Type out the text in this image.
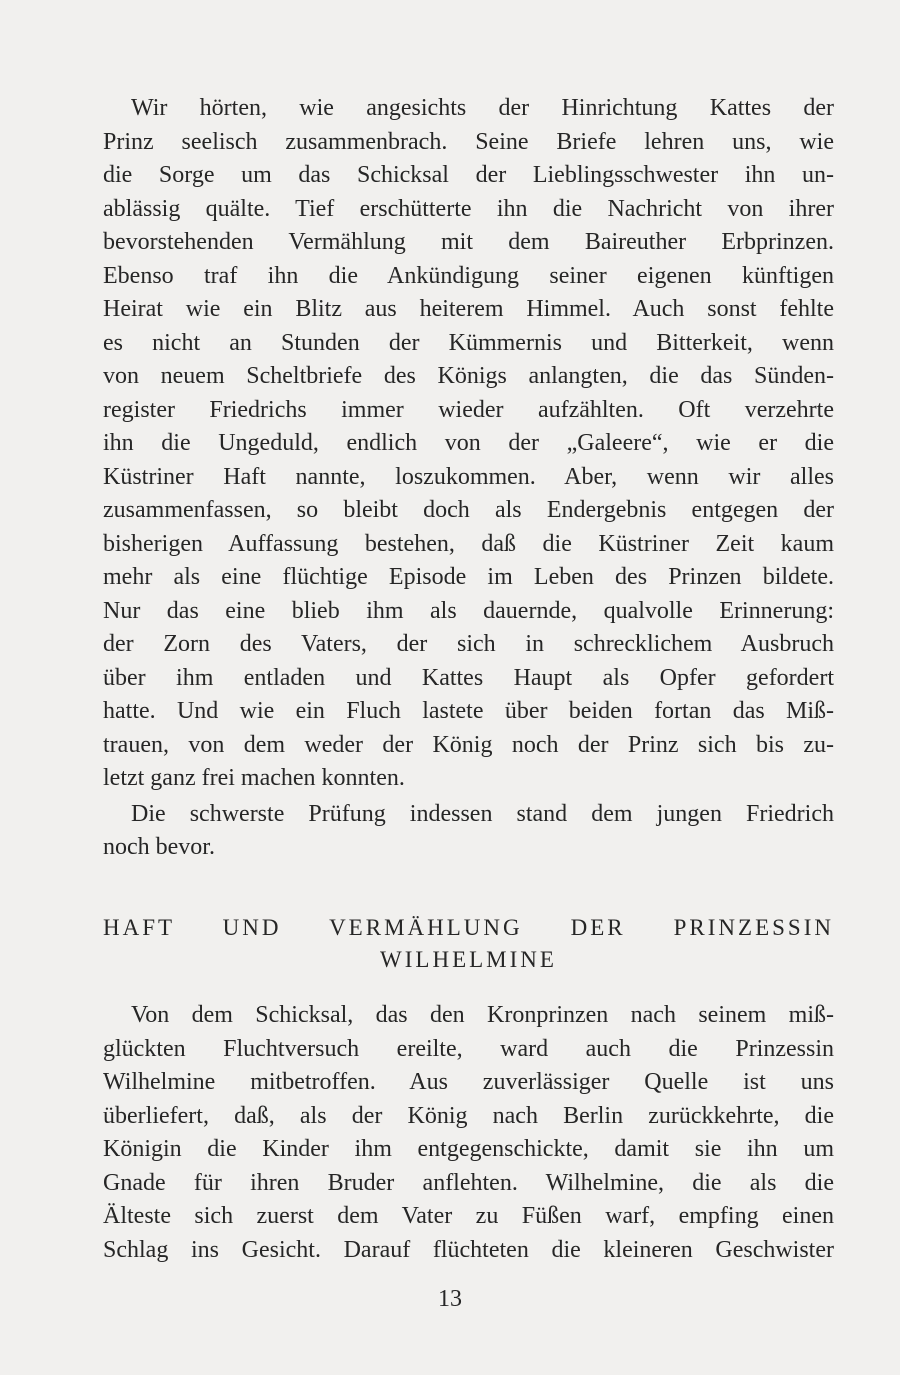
Wir hörten, wie angesichts der Hinrichtung Kattes der
Prinz seelisch zusammenbrach. Seine Briefe lehren uns, wie
die Sorge um das Schicksal der Lieblingsschwester ihn un-
ablässig quälte. Tief erschütterte ihn die Nachricht von ihrer
bevorstehenden Vermählung mit dem Baireuther Erbprinzen.
Ebenso traf ihn die Ankündigung seiner eigenen künftigen
Heirat wie ein Blitz aus heiterem Himmel. Auch sonst fehlte
es nicht an Stunden der Kümmernis und Bitterkeit, wenn
von neuem Scheltbriefe des Königs anlangten, die das Sünden-
register Friedrichs immer wieder aufzählten. Oft verzehrte
ihn die Ungeduld, endlich von der „Galeere“, wie er die
Küstriner Haft nannte, loszukommen. Aber, wenn wir alles
zusammenfassen, so bleibt doch als Endergebnis entgegen der
bisherigen Auffassung bestehen, daß die Küstriner Zeit kaum
mehr als eine flüchtige Episode im Leben des Prinzen bildete.
Nur das eine blieb ihm als dauernde, qualvolle Erinnerung:
der Zorn des Vaters, der sich in schrecklichem Ausbruch
über ihm entladen und Kattes Haupt als Opfer gefordert
hatte. Und wie ein Fluch lastete über beiden fortan das Miß-
trauen, von dem weder der König noch der Prinz sich bis zu-
letzt ganz frei machen konnten.
Die schwerste Prüfung indessen stand dem jungen Friedrich
noch bevor.
Von dem Schicksal, das den Kronprinzen nach seinem miß-
glückten Fluchtversuch ereilte, ward auch die Prinzessin
Wilhelmine mitbetroffen. Aus zuverlässiger Quelle ist uns
überliefert, daß, als der König nach Berlin zurückkehrte, die
Königin die Kinder ihm entgegenschickte, damit sie ihn um
Gnade für ihren Bruder anflehten. Wilhelmine, die als die
Älteste sich zuerst dem Vater zu Füßen warf, empfing einen
Schlag ins Gesicht. Darauf flüchteten die kleineren Geschwister
HAFT UND VERMÄHLUNG DER PRINZESSIN
WILHELMINE
13
